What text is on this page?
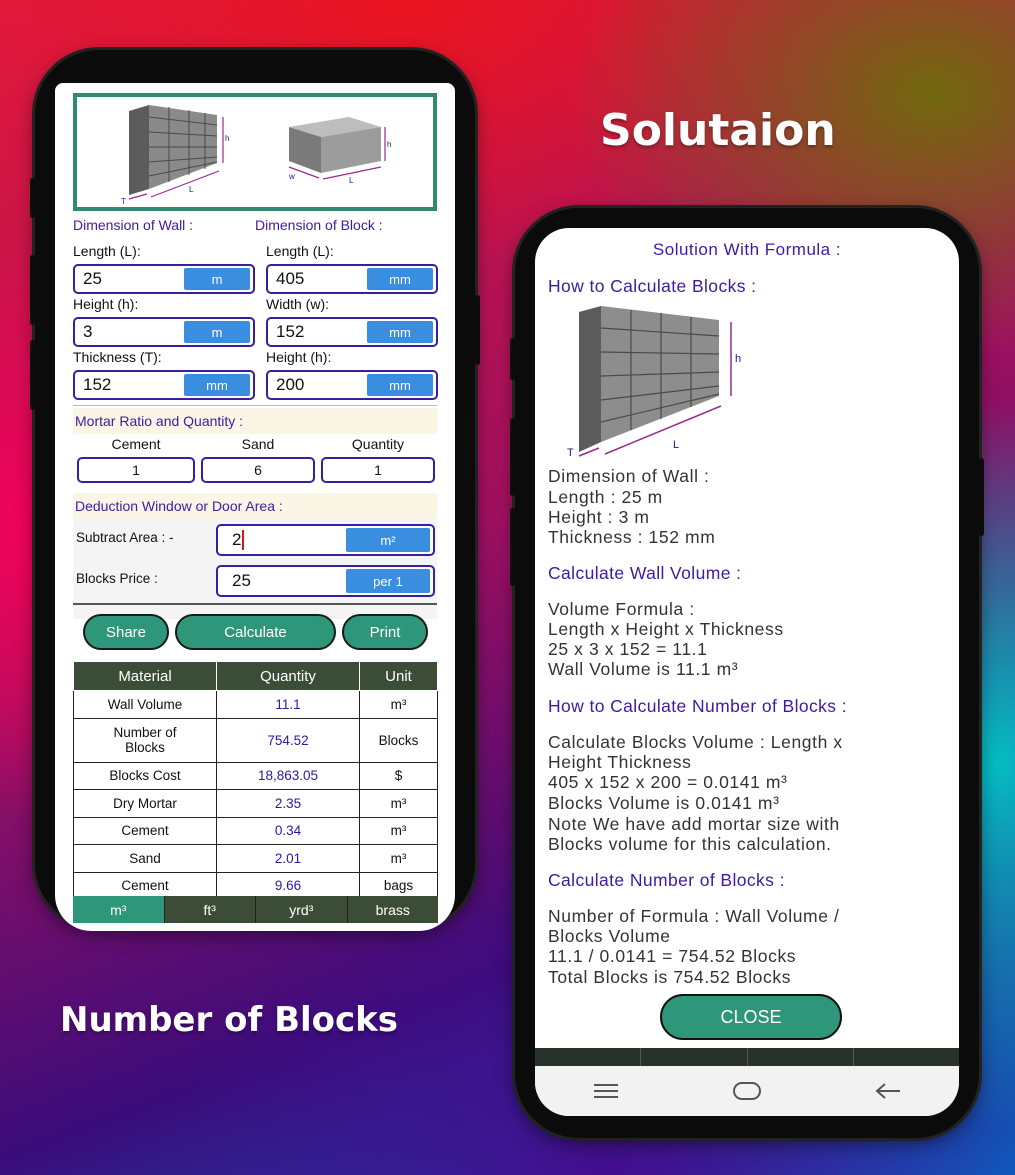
Solutaion
Number of Blocks
h
L
T
h
L
w
Dimension of Wall :	Dimension of Block :
Length (L):	Length (L):
25	m	405	mm
Height (h):	Width (w):
3	m	152	mm
Thickness (T):	Height (h):
152	mm	200	mm
Mortar Ratio and Quantity :
Cement	Sand	Quantity
1	6	1
Deduction Window or Door Area :
Subtract Area : -	2	m²
Blocks Price :	25	per 1
Share	Calculate	Print
Material	Quantity	Unit
Wall Volume	11.1	m³
Number of Blocks	754.52	Blocks
Blocks Cost	18,863.05	$
Dry Mortar	2.35	m³
Cement	0.34	m³
Sand	2.01	m³
Cement	9.66	bags
m³	ft³	yrd³	brass
Solution With Formula :
How to Calculate Blocks :
h
L
T
Dimension of Wall :
Length : 25 m
Height : 3 m
Thickness : 152 mm
Calculate Wall Volume :
Volume Formula :
Length x Height x Thickness
25 x 3 x 152 = 11.1
Wall Volume is 11.1 m³
How to Calculate Number of Blocks :
Calculate Blocks Volume : Length x
Height Thickness
405 x 152 x 200 = 0.0141 m³
Blocks Volume is 0.0141 m³
Note We have add mortar size with
Blocks volume for this calculation.
Calculate Number of Blocks :
Number of Formula : Wall Volume /
Blocks Volume
11.1 / 0.0141 = 754.52 Blocks
Total Blocks is 754.52 Blocks
CLOSE
